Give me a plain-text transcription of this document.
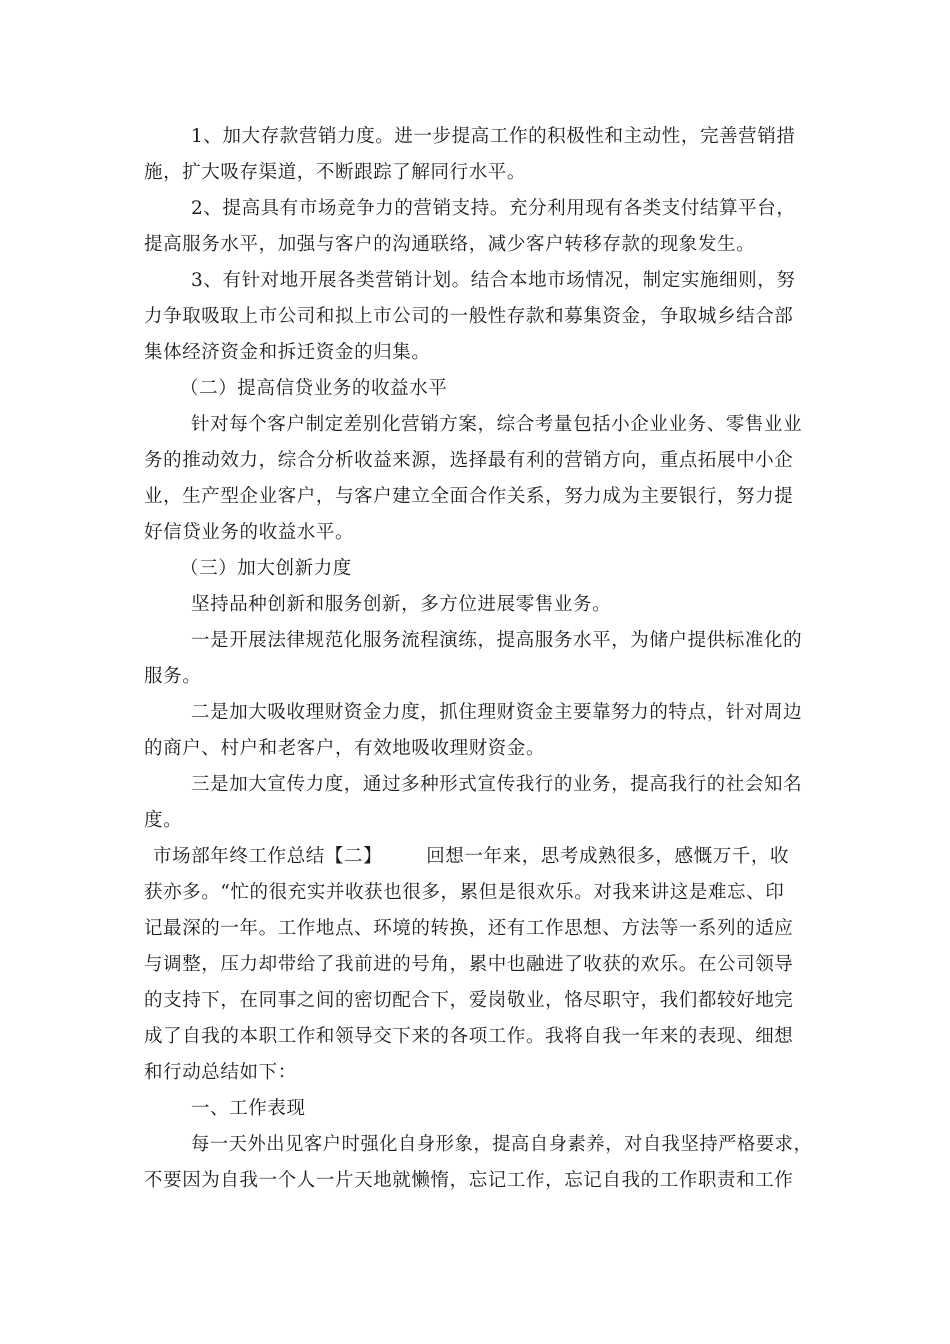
1、加大存款营销力度。进一步提高工作的积极性和主动性，完善营销措
施，扩大吸存渠道，不断跟踪了解同行水平。
2、提高具有市场竞争力的营销支持。充分利用现有各类支付结算平台，
提高服务水平，加强与客户的沟通联络，减少客户转移存款的现象发生。
3、有针对地开展各类营销计划。结合本地市场情况，制定实施细则，努
力争取吸取上市公司和拟上市公司的一般性存款和募集资金，争取城乡结合部
集体经济资金和拆迁资金的归集。
（二）提高信贷业务的收益水平
针对每个客户制定差别化营销方案，综合考量包括小企业业务、零售业业
务的推动效力，综合分析收益来源，选择最有利的营销方向，重点拓展中小企
业，生产型企业客户，与客户建立全面合作关系，努力成为主要银行，努力提
好信贷业务的收益水平。
（三）加大创新力度
坚持品种创新和服务创新，多方位进展零售业务。
一是开展法律规范化服务流程演练，提高服务水平，为储户提供标准化的
服务。
二是加大吸收理财资金力度，抓住理财资金主要靠努力的特点，针对周边
的商户、村户和老客户，有效地吸收理财资金。
三是加大宣传力度，通过多种形式宣传我行的业务，提高我行的社会知名
度。
市场部年终工作总结【二】 回想一年来，思考成熟很多，感慨万千，收
获亦多。“忙的很充实并收获也很多，累但是很欢乐。对我来讲这是难忘、印
记最深的一年。工作地点、环境的转换，还有工作思想、方法等一系列的适应
与调整，压力却带给了我前进的号角，累中也融进了收获的欢乐。在公司领导
的支持下，在同事之间的密切配合下，爱岗敬业，恪尽职守，我们都较好地完
成了自我的本职工作和领导交下来的各项工作。我将自我一年来的表现、细想
和行动总结如下：
一、工作表现
每一天外出见客户时强化自身形象，提高自身素养，对自我坚持严格要求，
不要因为自我一个人一片天地就懒惰，忘记工作，忘记自我的工作职责和工作
